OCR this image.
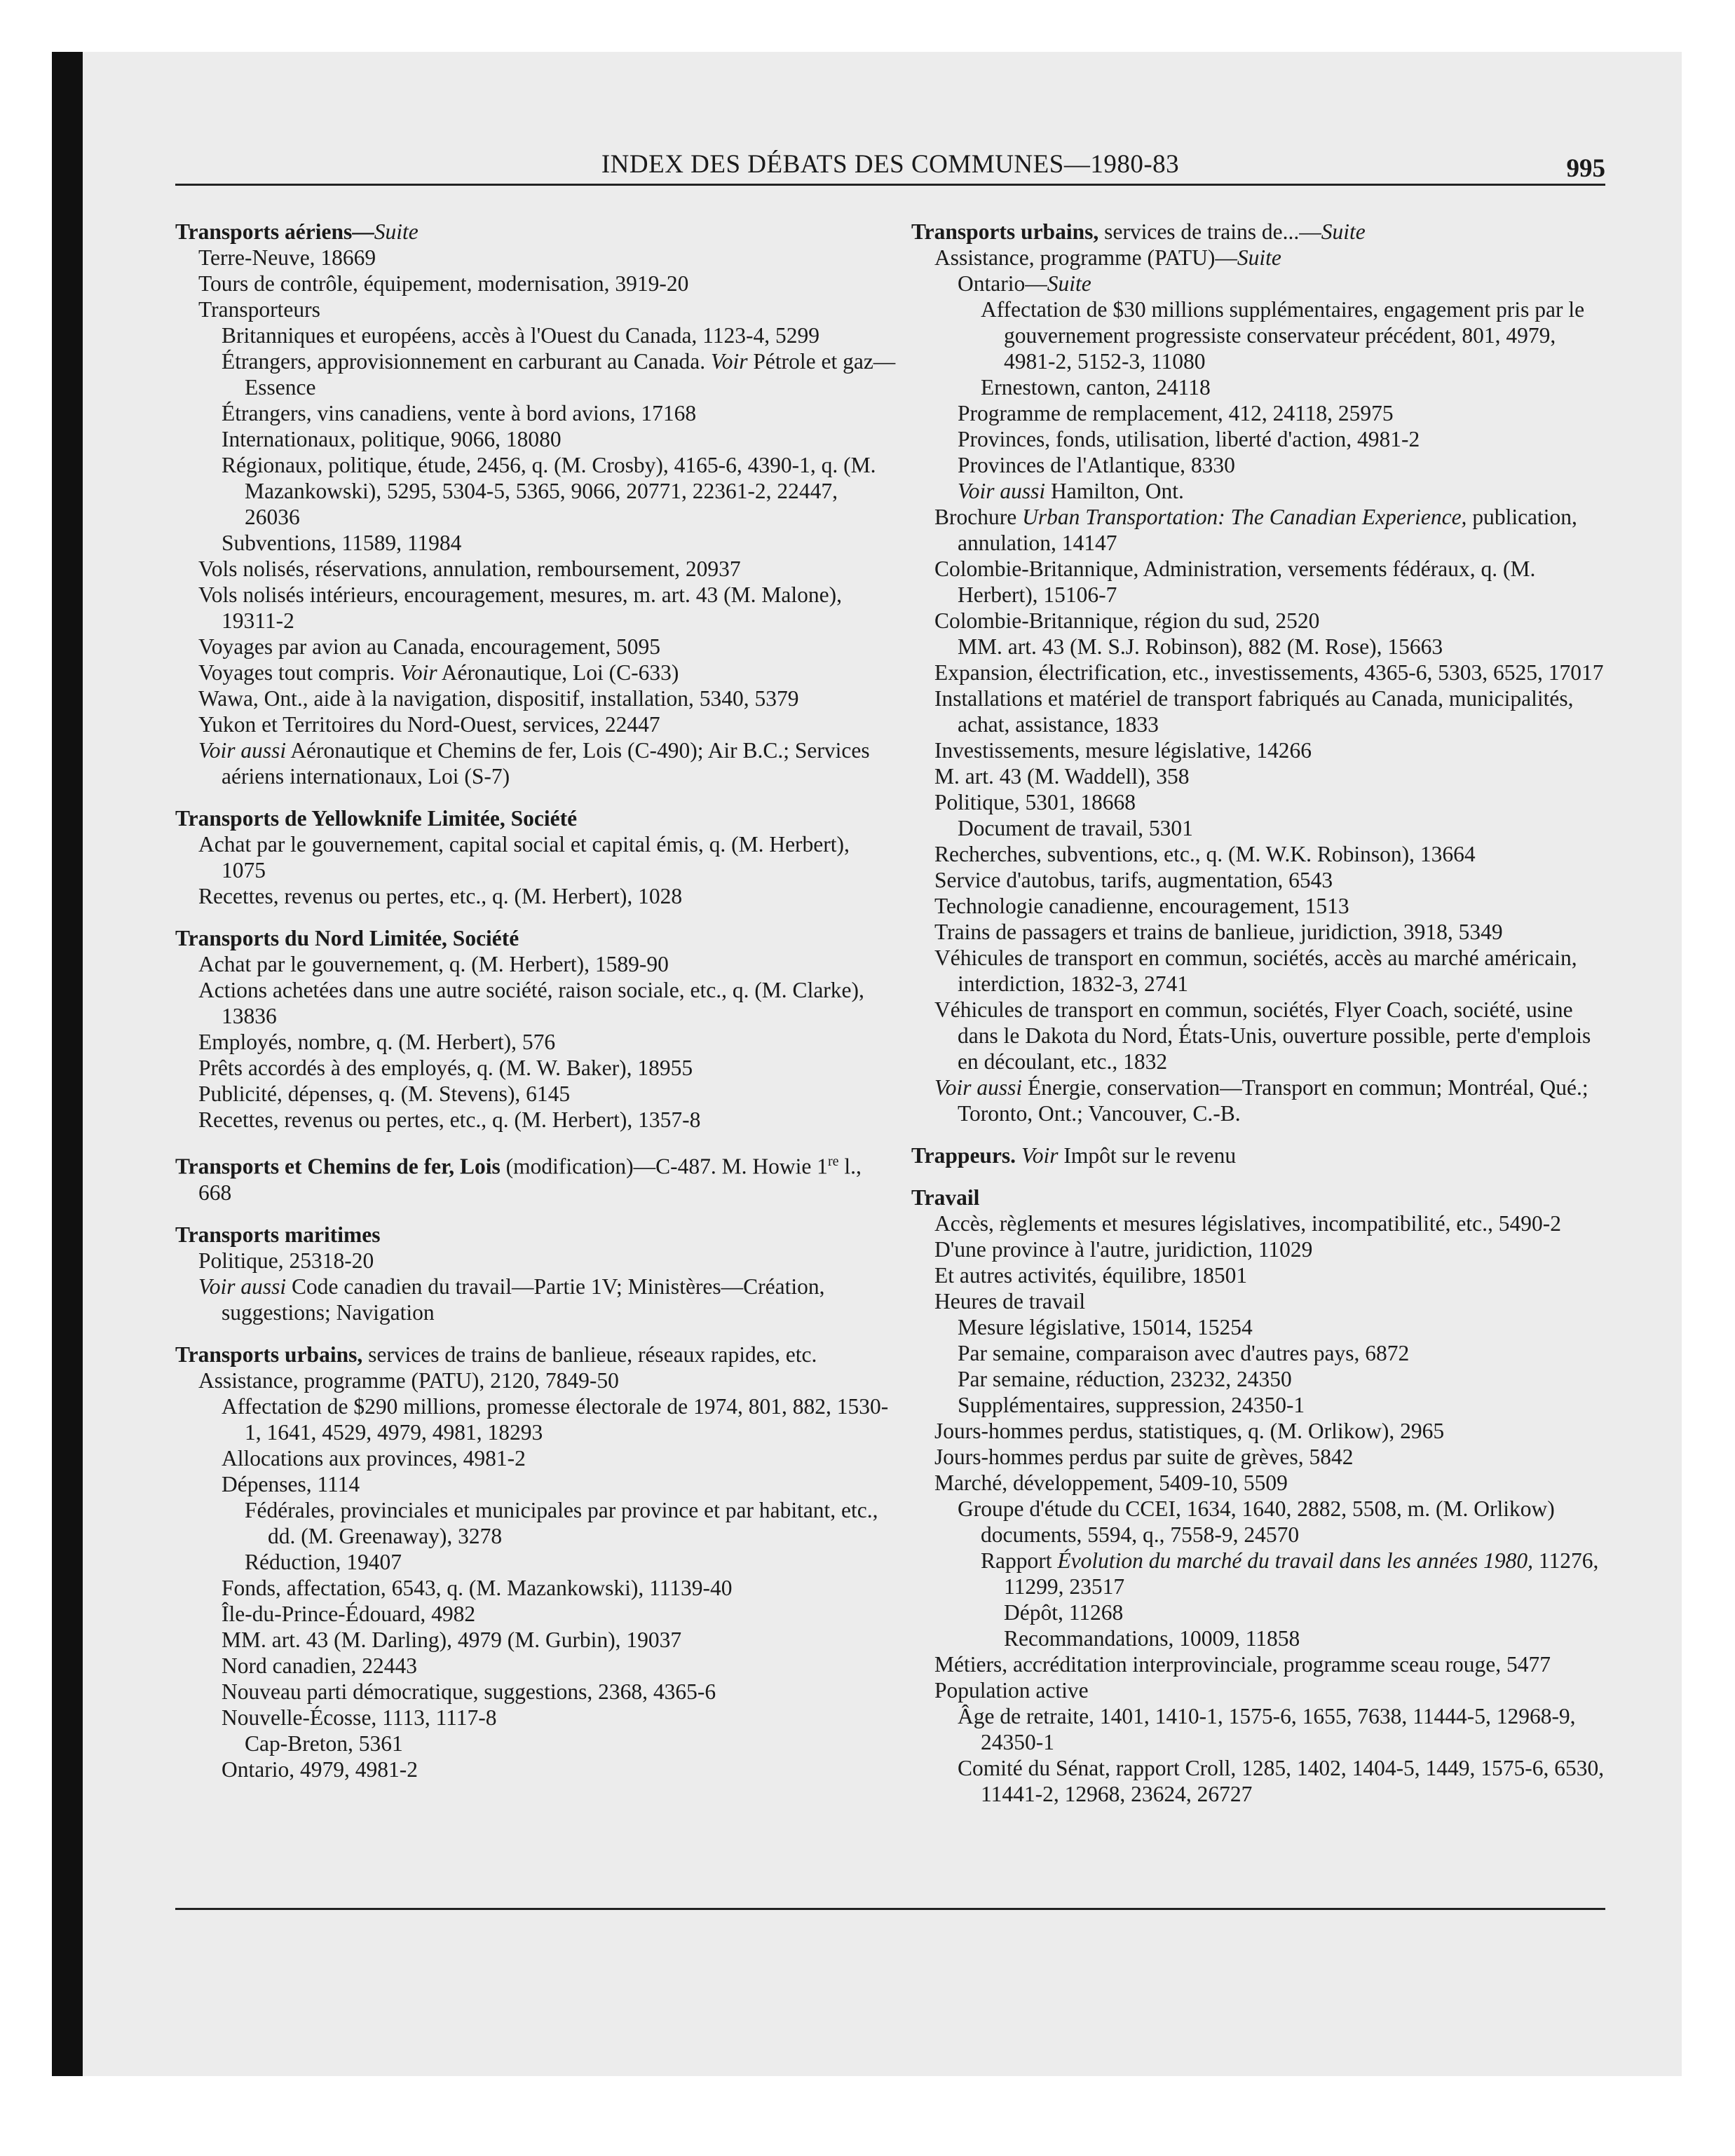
INDEX DES DÉBATS DES COMMUNES—1980-83	995
Transports aériens—Suite
Terre-Neuve, 18669
Tours de contrôle, équipement, modernisation, 3919-20
Transporteurs
Britanniques et européens, accès à l'Ouest du Canada, 1123-4, 5299
Étrangers, approvisionnement en carburant au Canada. Voir Pétrole et gaz—Essence
Étrangers, vins canadiens, vente à bord avions, 17168
Internationaux, politique, 9066, 18080
Régionaux, politique, étude, 2456, q. (M. Crosby), 4165-6, 4390-1, q. (M. Mazankowski), 5295, 5304-5, 5365, 9066, 20771, 22361-2, 22447, 26036
Subventions, 11589, 11984
Vols nolisés, réservations, annulation, remboursement, 20937
Vols nolisés intérieurs, encouragement, mesures, m. art. 43 (M. Malone), 19311-2
Voyages par avion au Canada, encouragement, 5095
Voyages tout compris. Voir Aéronautique, Loi (C-633)
Wawa, Ont., aide à la navigation, dispositif, installation, 5340, 5379
Yukon et Territoires du Nord-Ouest, services, 22447
Voir aussi Aéronautique et Chemins de fer, Lois (C-490); Air B.C.; Services aériens internationaux, Loi (S-7)
Transports de Yellowknife Limitée, Société
Achat par le gouvernement, capital social et capital émis, q. (M. Herbert), 1075
Recettes, revenus ou pertes, etc., q. (M. Herbert), 1028
Transports du Nord Limitée, Société
Achat par le gouvernement, q. (M. Herbert), 1589-90
Actions achetées dans une autre société, raison sociale, etc., q. (M. Clarke), 13836
Employés, nombre, q. (M. Herbert), 576
Prêts accordés à des employés, q. (M. W. Baker), 18955
Publicité, dépenses, q. (M. Stevens), 6145
Recettes, revenus ou pertes, etc., q. (M. Herbert), 1357-8
Transports et Chemins de fer, Lois (modification)—C-487. M. Howie 1re l., 668
Transports maritimes
Politique, 25318-20
Voir aussi Code canadien du travail—Partie 1V; Ministères—Création, suggestions; Navigation
Transports urbains, services de trains de banlieue, réseaux rapides, etc.
Assistance, programme (PATU), 2120, 7849-50
Affectation de $290 millions, promesse électorale de 1974, 801, 882, 1530-1, 1641, 4529, 4979, 4981, 18293
Allocations aux provinces, 4981-2
Dépenses, 1114
Fédérales, provinciales et municipales par province et par habitant, etc., dd. (M. Greenaway), 3278
Réduction, 19407
Fonds, affectation, 6543, q. (M. Mazankowski), 11139-40
Île-du-Prince-Édouard, 4982
MM. art. 43 (M. Darling), 4979 (M. Gurbin), 19037
Nord canadien, 22443
Nouveau parti démocratique, suggestions, 2368, 4365-6
Nouvelle-Écosse, 1113, 1117-8
Cap-Breton, 5361
Ontario, 4979, 4981-2
Transports urbains, services de trains de...—Suite
Assistance, programme (PATU)—Suite
Ontario—Suite
Affectation de $30 millions supplémentaires, engagement pris par le gouvernement progressiste conservateur précédent, 801, 4979, 4981-2, 5152-3, 11080
Ernestown, canton, 24118
Programme de remplacement, 412, 24118, 25975
Provinces, fonds, utilisation, liberté d'action, 4981-2
Provinces de l'Atlantique, 8330
Voir aussi Hamilton, Ont.
Brochure Urban Transportation: The Canadian Experience, publication, annulation, 14147
Colombie-Britannique, Administration, versements fédéraux, q. (M. Herbert), 15106-7
Colombie-Britannique, région du sud, 2520
MM. art. 43 (M. S.J. Robinson), 882 (M. Rose), 15663
Expansion, électrification, etc., investissements, 4365-6, 5303, 6525, 17017
Installations et matériel de transport fabriqués au Canada, municipalités, achat, assistance, 1833
Investissements, mesure législative, 14266
M. art. 43 (M. Waddell), 358
Politique, 5301, 18668
Document de travail, 5301
Recherches, subventions, etc., q. (M. W.K. Robinson), 13664
Service d'autobus, tarifs, augmentation, 6543
Technologie canadienne, encouragement, 1513
Trains de passagers et trains de banlieue, juridiction, 3918, 5349
Véhicules de transport en commun, sociétés, accès au marché américain, interdiction, 1832-3, 2741
Véhicules de transport en commun, sociétés, Flyer Coach, société, usine dans le Dakota du Nord, États-Unis, ouverture possible, perte d'emplois en découlant, etc., 1832
Voir aussi Énergie, conservation—Transport en commun; Montréal, Qué.; Toronto, Ont.; Vancouver, C.-B.
Trappeurs. Voir Impôt sur le revenu
Travail
Accès, règlements et mesures législatives, incompatibilité, etc., 5490-2
D'une province à l'autre, juridiction, 11029
Et autres activités, équilibre, 18501
Heures de travail
Mesure législative, 15014, 15254
Par semaine, comparaison avec d'autres pays, 6872
Par semaine, réduction, 23232, 24350
Supplémentaires, suppression, 24350-1
Jours-hommes perdus, statistiques, q. (M. Orlikow), 2965
Jours-hommes perdus par suite de grèves, 5842
Marché, développement, 5409-10, 5509
Groupe d'étude du CCEI, 1634, 1640, 2882, 5508, m. (M. Orlikow) documents, 5594, q., 7558-9, 24570
Rapport Évolution du marché du travail dans les années 1980, 11276, 11299, 23517
Dépôt, 11268
Recommandations, 10009, 11858
Métiers, accréditation interprovinciale, programme sceau rouge, 5477
Population active
Âge de retraite, 1401, 1410-1, 1575-6, 1655, 7638, 11444-5, 12968-9, 24350-1
Comité du Sénat, rapport Croll, 1285, 1402, 1404-5, 1449, 1575-6, 6530, 11441-2, 12968, 23624, 26727
